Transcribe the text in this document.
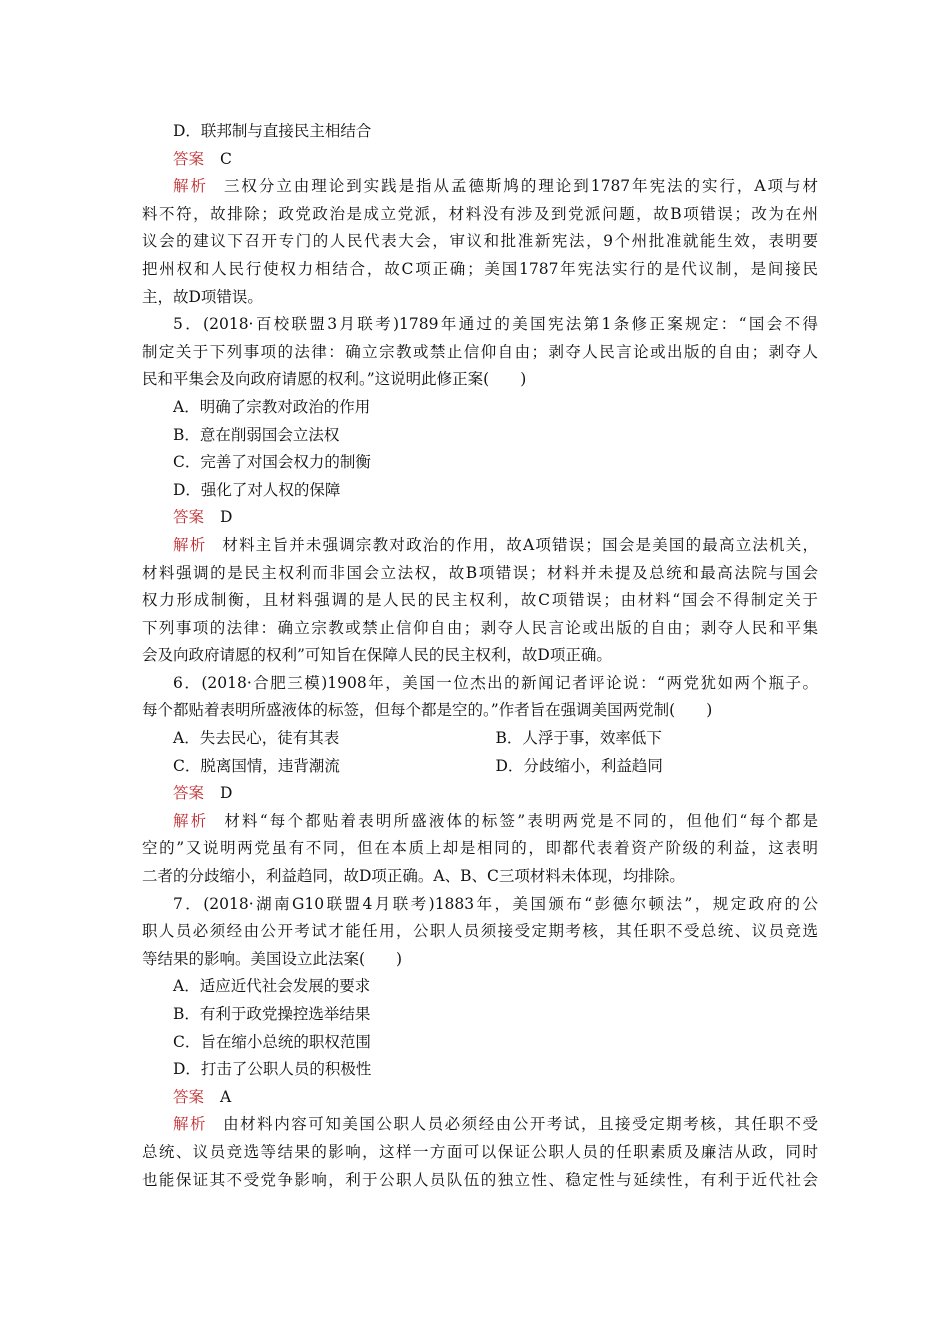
D．联邦制与直接民主相结合
答案 C
解析 三权分立由理论到实践是指从孟德斯鸠的理论到1787年宪法的实行，A项与材
料不符，故排除；政党政治是成立党派，材料没有涉及到党派问题，故B项错误；改为在州
议会的建议下召开专门的人民代表大会，审议和批准新宪法，9个州批准就能生效，表明要
把州权和人民行使权力相结合，故C项正确；美国1787年宪法实行的是代议制，是间接民
主，故D项错误。
5．(2018·百校联盟3月联考)1789年通过的美国宪法第1条修正案规定：“国会不得
制定关于下列事项的法律：确立宗教或禁止信仰自由；剥夺人民言论或出版的自由；剥夺人
民和平集会及向政府请愿的权利。”这说明此修正案(　　)
A．明确了宗教对政治的作用
B．意在削弱国会立法权
C．完善了对国会权力的制衡
D．强化了对人权的保障
答案 D
解析 材料主旨并未强调宗教对政治的作用，故A项错误；国会是美国的最高立法机关，
材料强调的是民主权利而非国会立法权，故B项错误；材料并未提及总统和最高法院与国会
权力形成制衡，且材料强调的是人民的民主权利，故C项错误；由材料“国会不得制定关于
下列事项的法律：确立宗教或禁止信仰自由；剥夺人民言论或出版的自由；剥夺人民和平集
会及向政府请愿的权利”可知旨在保障人民的民主权利，故D项正确。
6．(2018·合肥三模)1908年，美国一位杰出的新闻记者评论说：“两党犹如两个瓶子。
每个都贴着表明所盛液体的标签，但每个都是空的。”作者旨在强调美国两党制(　　)
A．失去民心，徒有其表	B．人浮于事，效率低下
C．脱离国情，违背潮流	D．分歧缩小，利益趋同
答案 D
解析 材料“每个都贴着表明所盛液体的标签”表明两党是不同的，但他们“每个都是
空的”又说明两党虽有不同，但在本质上却是相同的，即都代表着资产阶级的利益，这表明
二者的分歧缩小，利益趋同，故D项正确。A、B、C三项材料未体现，均排除。
7．(2018·湖南G10联盟4月联考)1883年，美国颁布“彭德尔顿法”，规定政府的公
职人员必须经由公开考试才能任用，公职人员须接受定期考核，其任职不受总统、议员竞选
等结果的影响。美国设立此法案(　　)
A．适应近代社会发展的要求
B．有利于政党操控选举结果
C．旨在缩小总统的职权范围
D．打击了公职人员的积极性
答案 A
解析 由材料内容可知美国公职人员必须经由公开考试，且接受定期考核，其任职不受
总统、议员竞选等结果的影响，这样一方面可以保证公职人员的任职素质及廉洁从政，同时
也能保证其不受党争影响，利于公职人员队伍的独立性、稳定性与延续性，有利于近代社会
